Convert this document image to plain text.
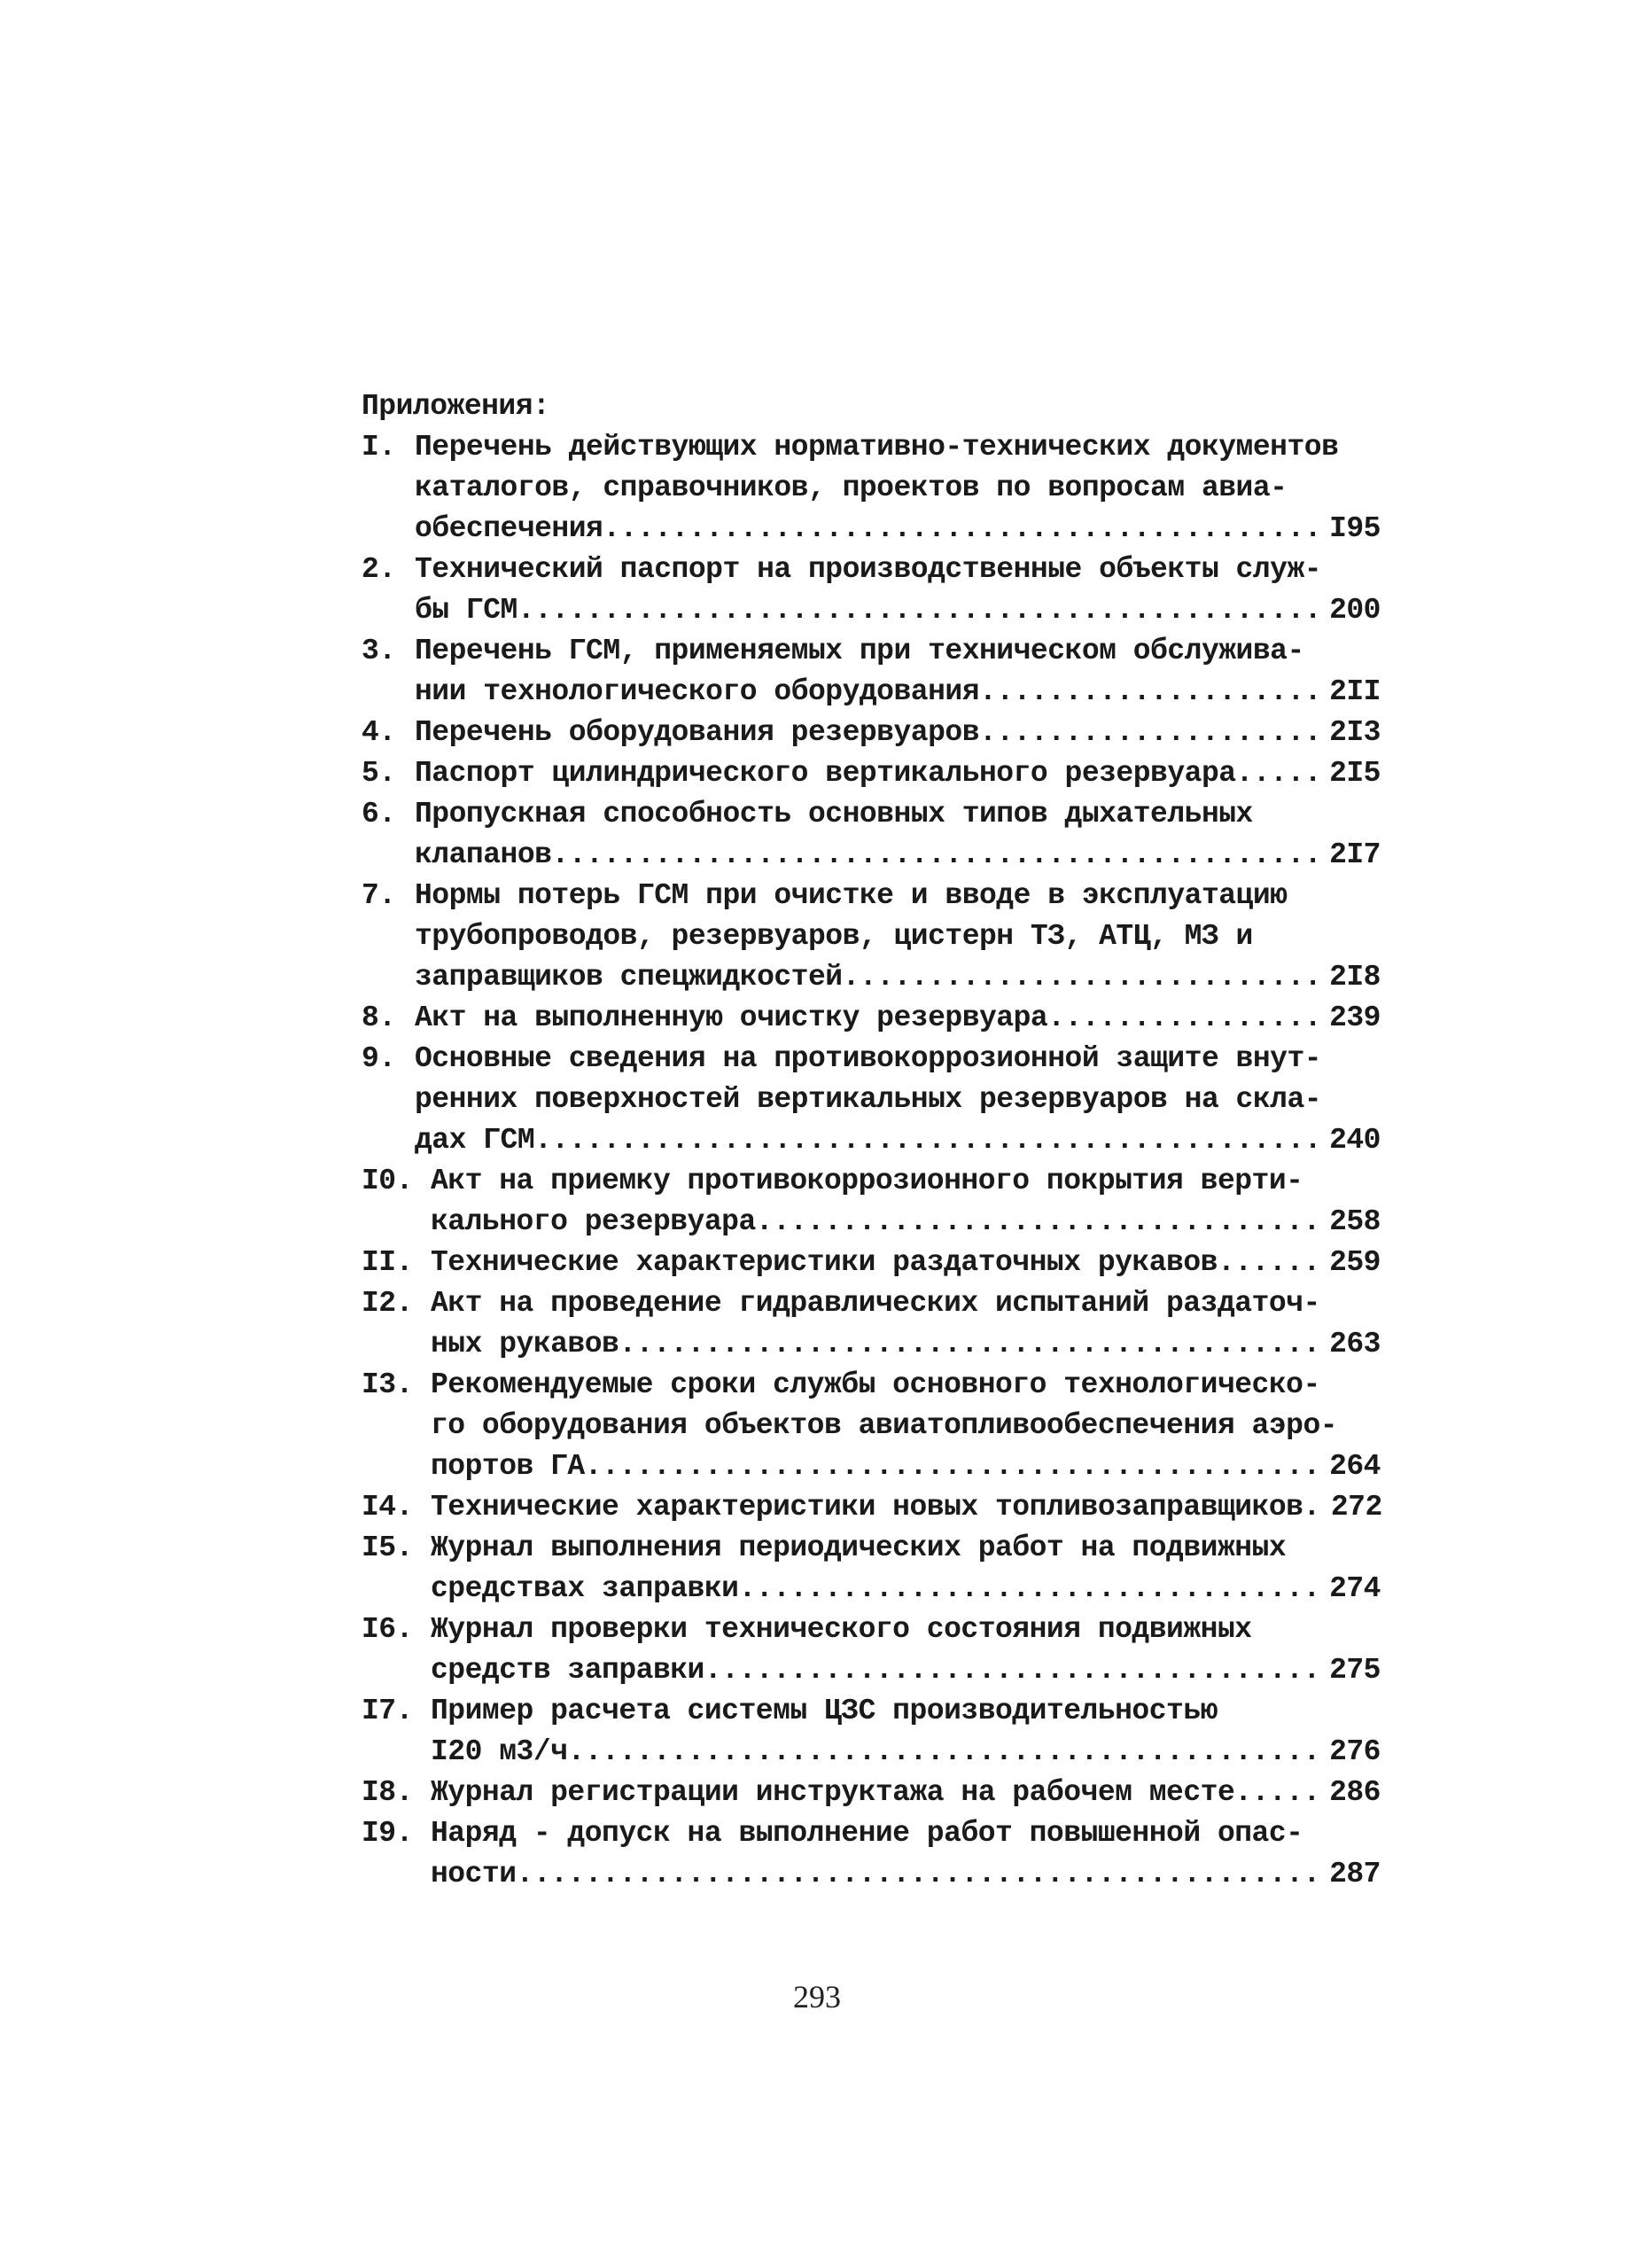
Приложения:
I. Перечень действующих нормативно-технических документов
каталогов, справочников, проектов по вопросам авиа-
обеспечения .....	I95
2. Технический паспорт на производственные объекты служ-
бы ГСМ .....	200
3. Перечень ГСМ, применяемых при техническом обслужива-
нии технологического оборудования .....	2II
4. Перечень оборудования резервуаров .....	2I3
5. Паспорт цилиндрического вертикального резервуара .....	2I5
6. Пропускная способность основных типов дыхательных
клапанов .....	2I7
7. Нормы потерь ГСМ при очистке и вводе в эксплуатацию
трубопроводов, резервуаров, цистерн ТЗ, АТЦ, МЗ и
заправщиков спецжидкостей .....	2I8
8. Акт на выполненную очистку резервуара .....	239
9. Основные сведения на противокоррозионной защите внут-
ренних поверхностей вертикальных резервуаров на скла-
дах ГСМ .....	240
I0. Акт на приемку противокоррозионного покрытия верти-
кального резервуара .....	258
II. Технические характеристики раздаточных рукавов .....	259
I2. Акт на проведение гидравлических испытаний раздаточ-
ных рукавов .....	263
I3. Рекомендуемые сроки службы основного технологическо-
го оборудования объектов авиатопливообеспечения аэро-
портов ГА .....	264
I4. Технические характеристики новых топливозаправщиков. 272
I5. Журнал выполнения периодических работ на подвижных
средствах заправки .....	274
I6. Журнал проверки технического состояния подвижных
средств заправки .....	275
I7. Пример расчета системы ЦЗС производительностью
I20 м3/ч .....	276
I8. Журнал регистрации инструктажа на рабочем месте .....	286
I9. Наряд - допуск на выполнение работ повышенной опас-
ности .....	287
293
